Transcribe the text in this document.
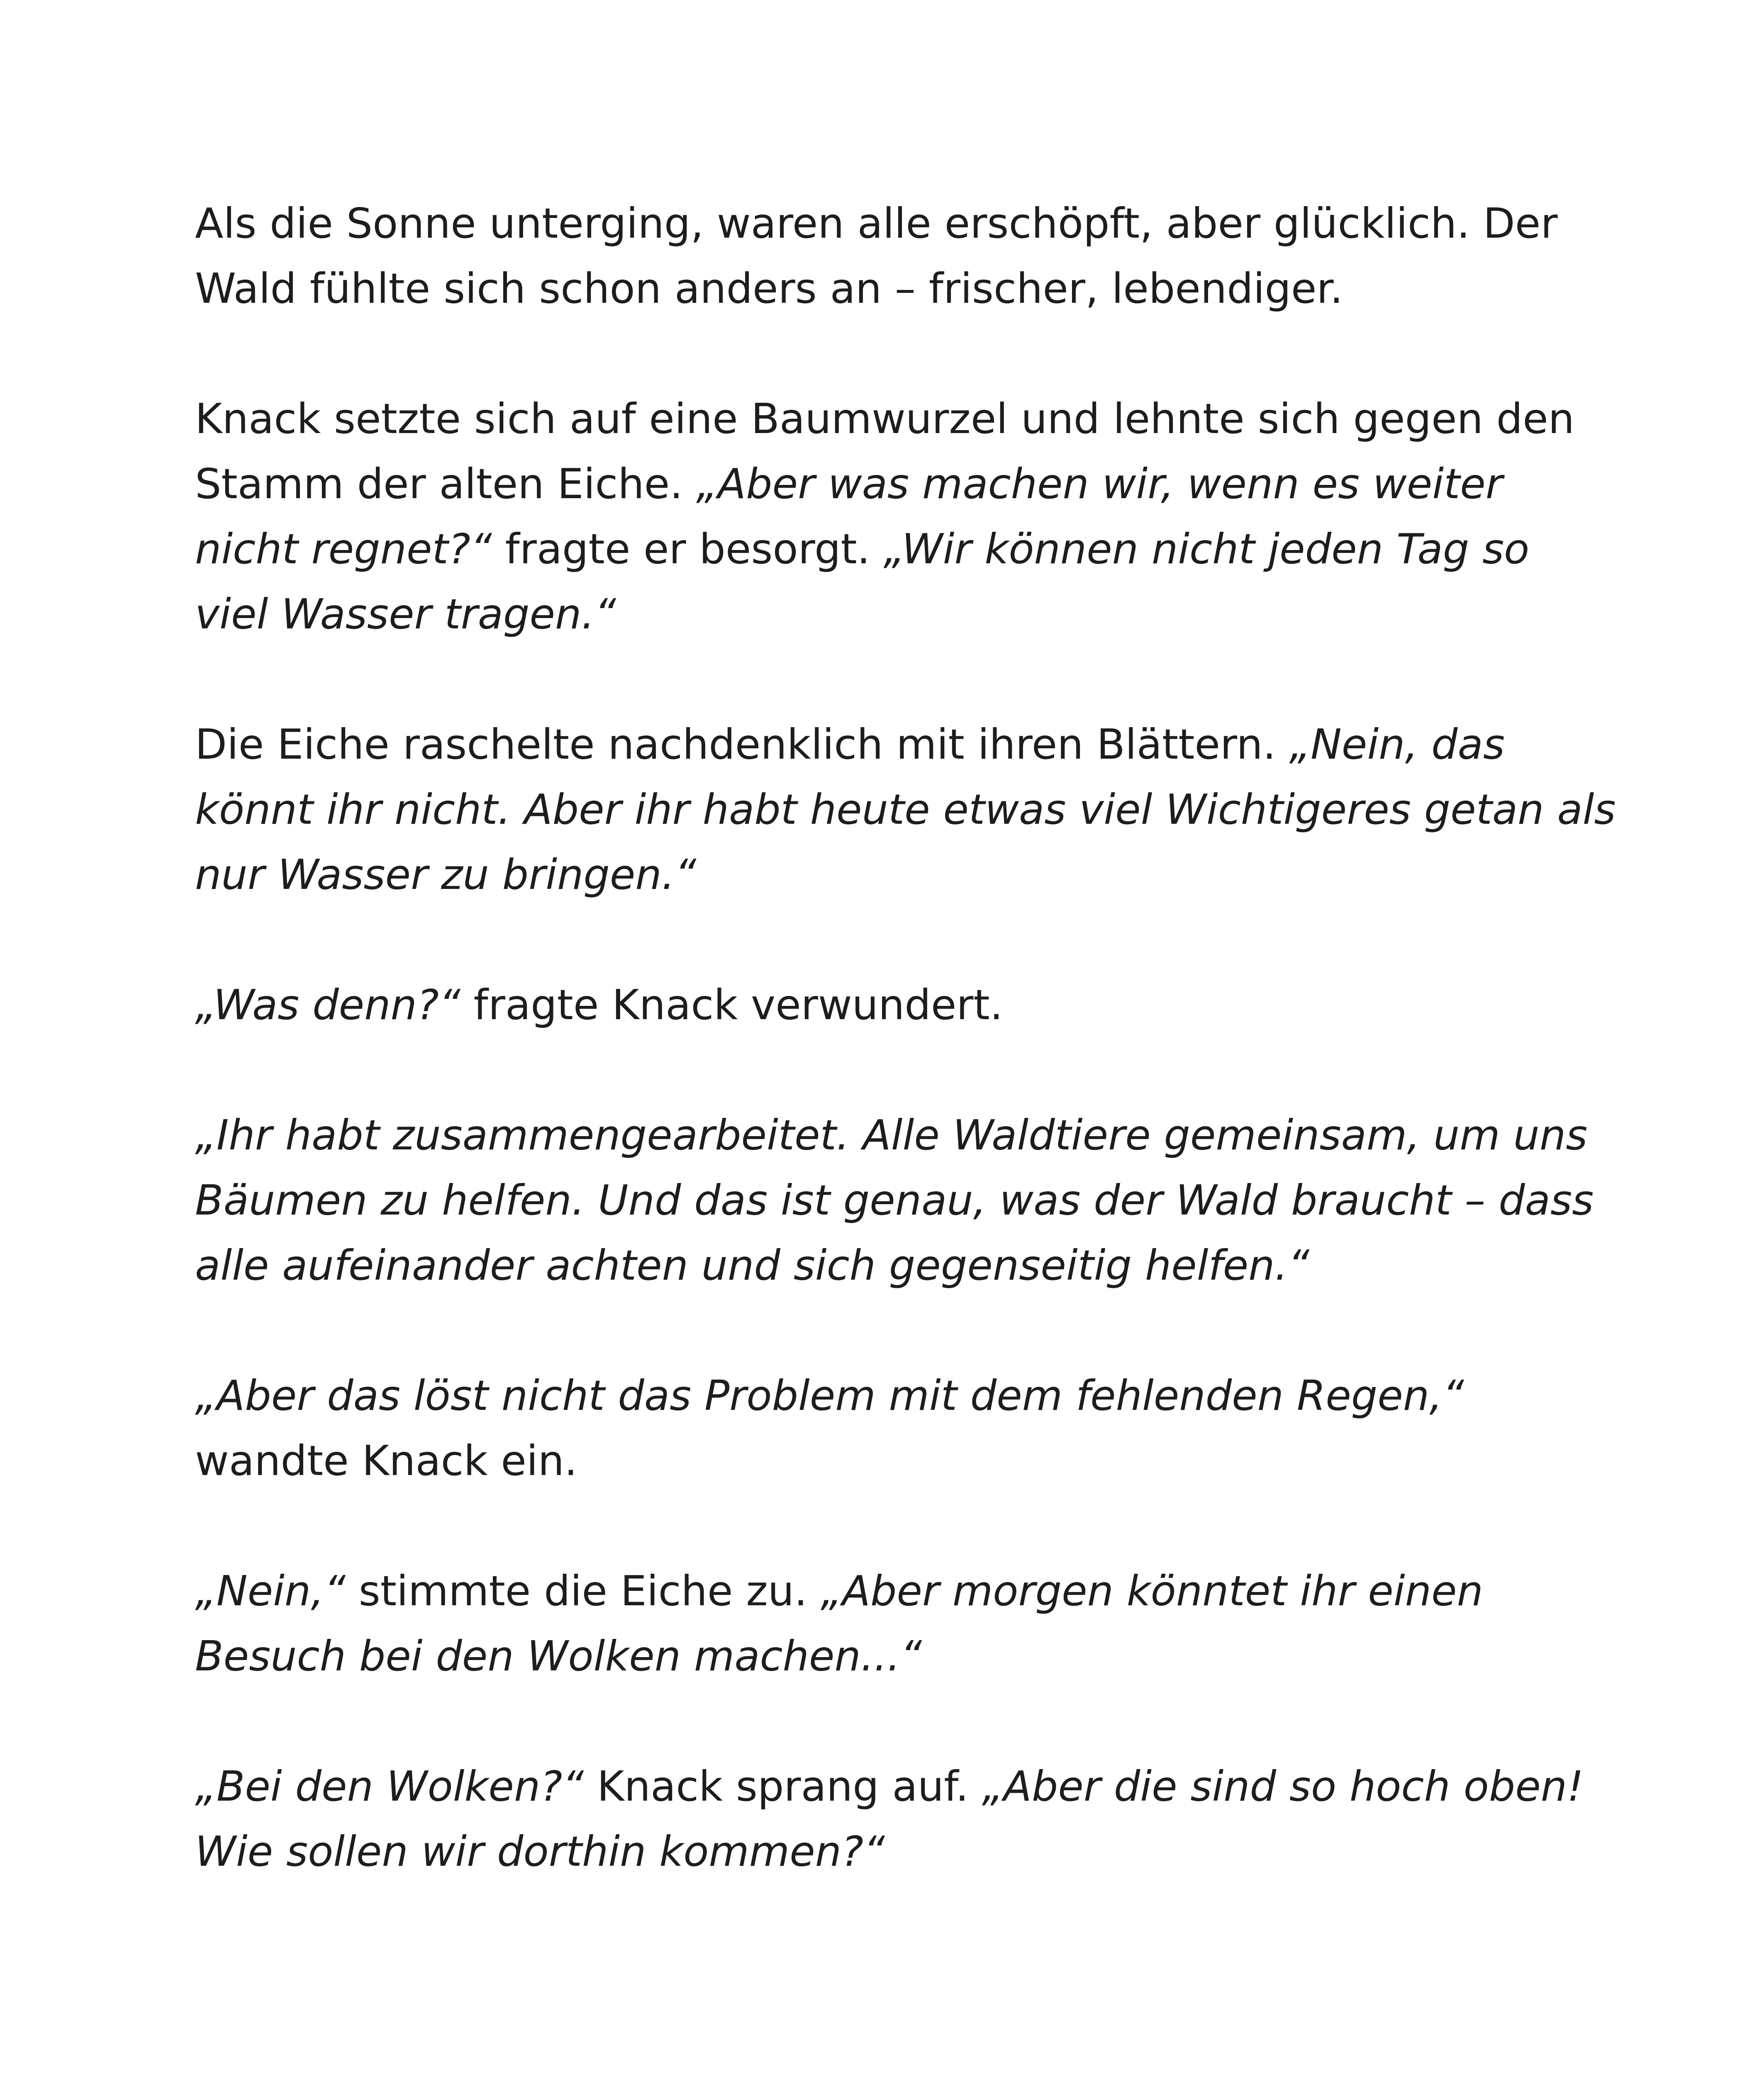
Als die Sonne unterging, waren alle erschöpft, aber glücklich. Der
Wald fühlte sich schon anders an – frischer, lebendiger.

Knack setzte sich auf eine Baumwurzel und lehnte sich gegen den
Stamm der alten Eiche. „Aber was machen wir, wenn es weiter
nicht regnet?“ fragte er besorgt. „Wir können nicht jeden Tag so
viel Wasser tragen.“

Die Eiche raschelte nachdenklich mit ihren Blättern. „Nein, das
könnt ihr nicht. Aber ihr habt heute etwas viel Wichtigeres getan als
nur Wasser zu bringen.“

„Was denn?“ fragte Knack verwundert.

„Ihr habt zusammengearbeitet. Alle Waldtiere gemeinsam, um uns
Bäumen zu helfen. Und das ist genau, was der Wald braucht – dass
alle aufeinander achten und sich gegenseitig helfen.“

„Aber das löst nicht das Problem mit dem fehlenden Regen,“
wandte Knack ein.

„Nein,“ stimmte die Eiche zu. „Aber morgen könntet ihr einen
Besuch bei den Wolken machen...“

„Bei den Wolken?“ Knack sprang auf. „Aber die sind so hoch oben!
Wie sollen wir dorthin kommen?“
